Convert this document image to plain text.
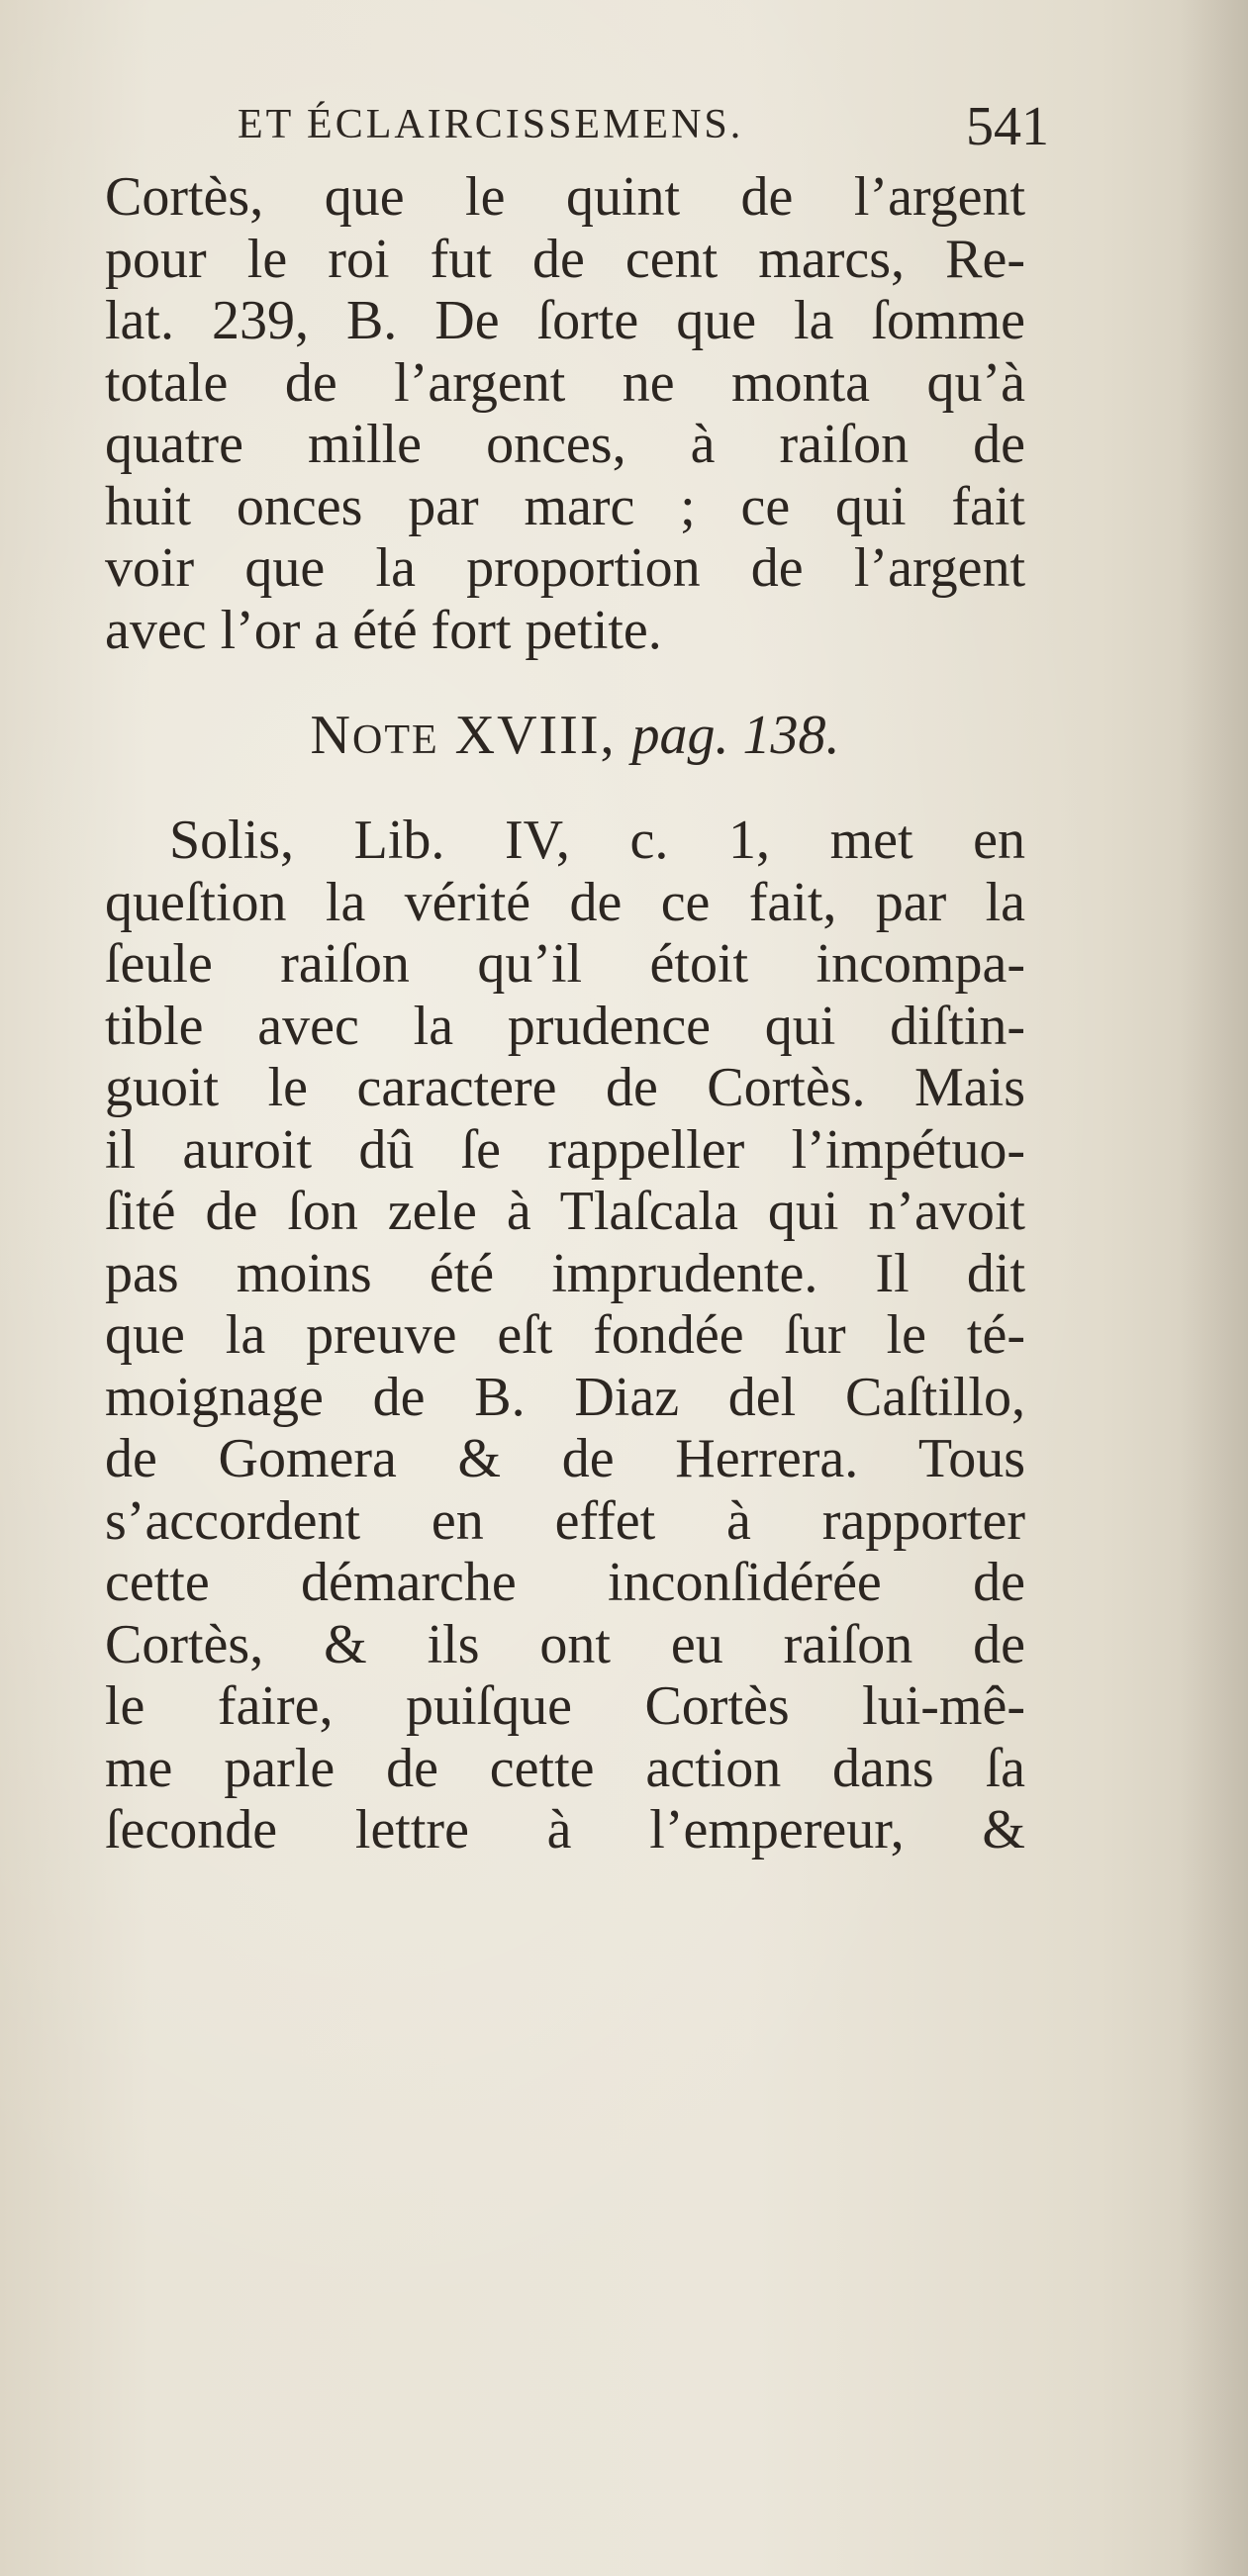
ET ÉCLAIRCISSEMENS.	541
Cortès, que le quint de l’argent
pour le roi fut de cent marcs, Re-
lat. 239, B. De ſorte que la ſomme
totale de l’argent ne monta qu’à
quatre mille onces, à raiſon de
huit onces par marc ; ce qui fait
voir que la proportion de l’argent
avec l’or a été fort petite.
NOTE XVIII, pag. 138.
Solis, Lib. IV, c. 1, met en
queſtion la vérité de ce fait, par la
ſeule raiſon qu’il étoit incompa-
tible avec la prudence qui diſtin-
guoit le caractere de Cortès. Mais
il auroit dû ſe rappeller l’impétuo-
ſité de ſon zele à Tlaſcala qui n’avoit
pas moins été imprudente. Il dit
que la preuve eſt fondée ſur le té-
moignage de B. Diaz del Caſtillo,
de Gomera & de Herrera. Tous
s’accordent en effet à rapporter
cette démarche inconſidérée de
Cortès, & ils ont eu raiſon de
le faire, puiſque Cortès lui-mê-
me parle de cette action dans ſa
ſeconde lettre à l’empereur, &
